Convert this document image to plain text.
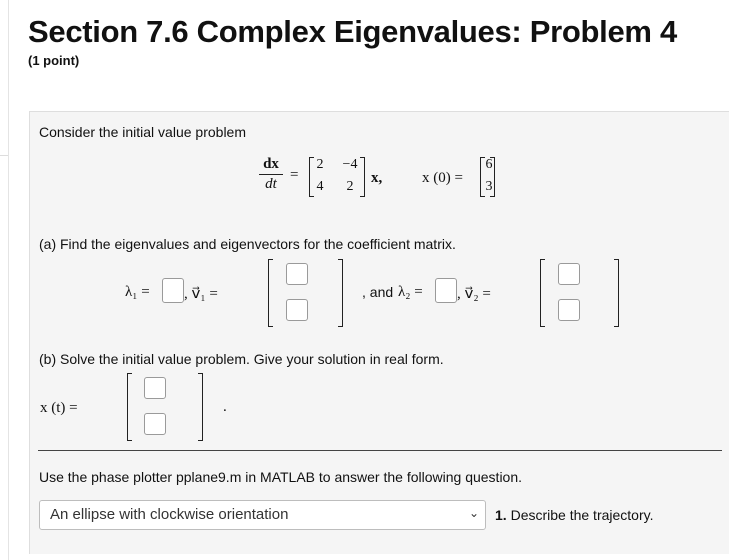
Section 7.6 Complex Eigenvalues: Problem 4
(1 point)
Consider the initial value problem
dx
dt
=
2	−4
4	2
x,	x (0) =
6
3
(a) Find the eigenvalues and eigenvectors for the coefficient matrix.
λ₁ = , v⃗₁ =	, and λ₂ = , v⃗₂ =
(b) Solve the initial value problem. Give your solution in real form.
x (t) =	.
Use the phase plotter pplane9.m in MATLAB to answer the following question.
An ellipse with clockwise orientation	⌄ 1. Describe the trajectory.
